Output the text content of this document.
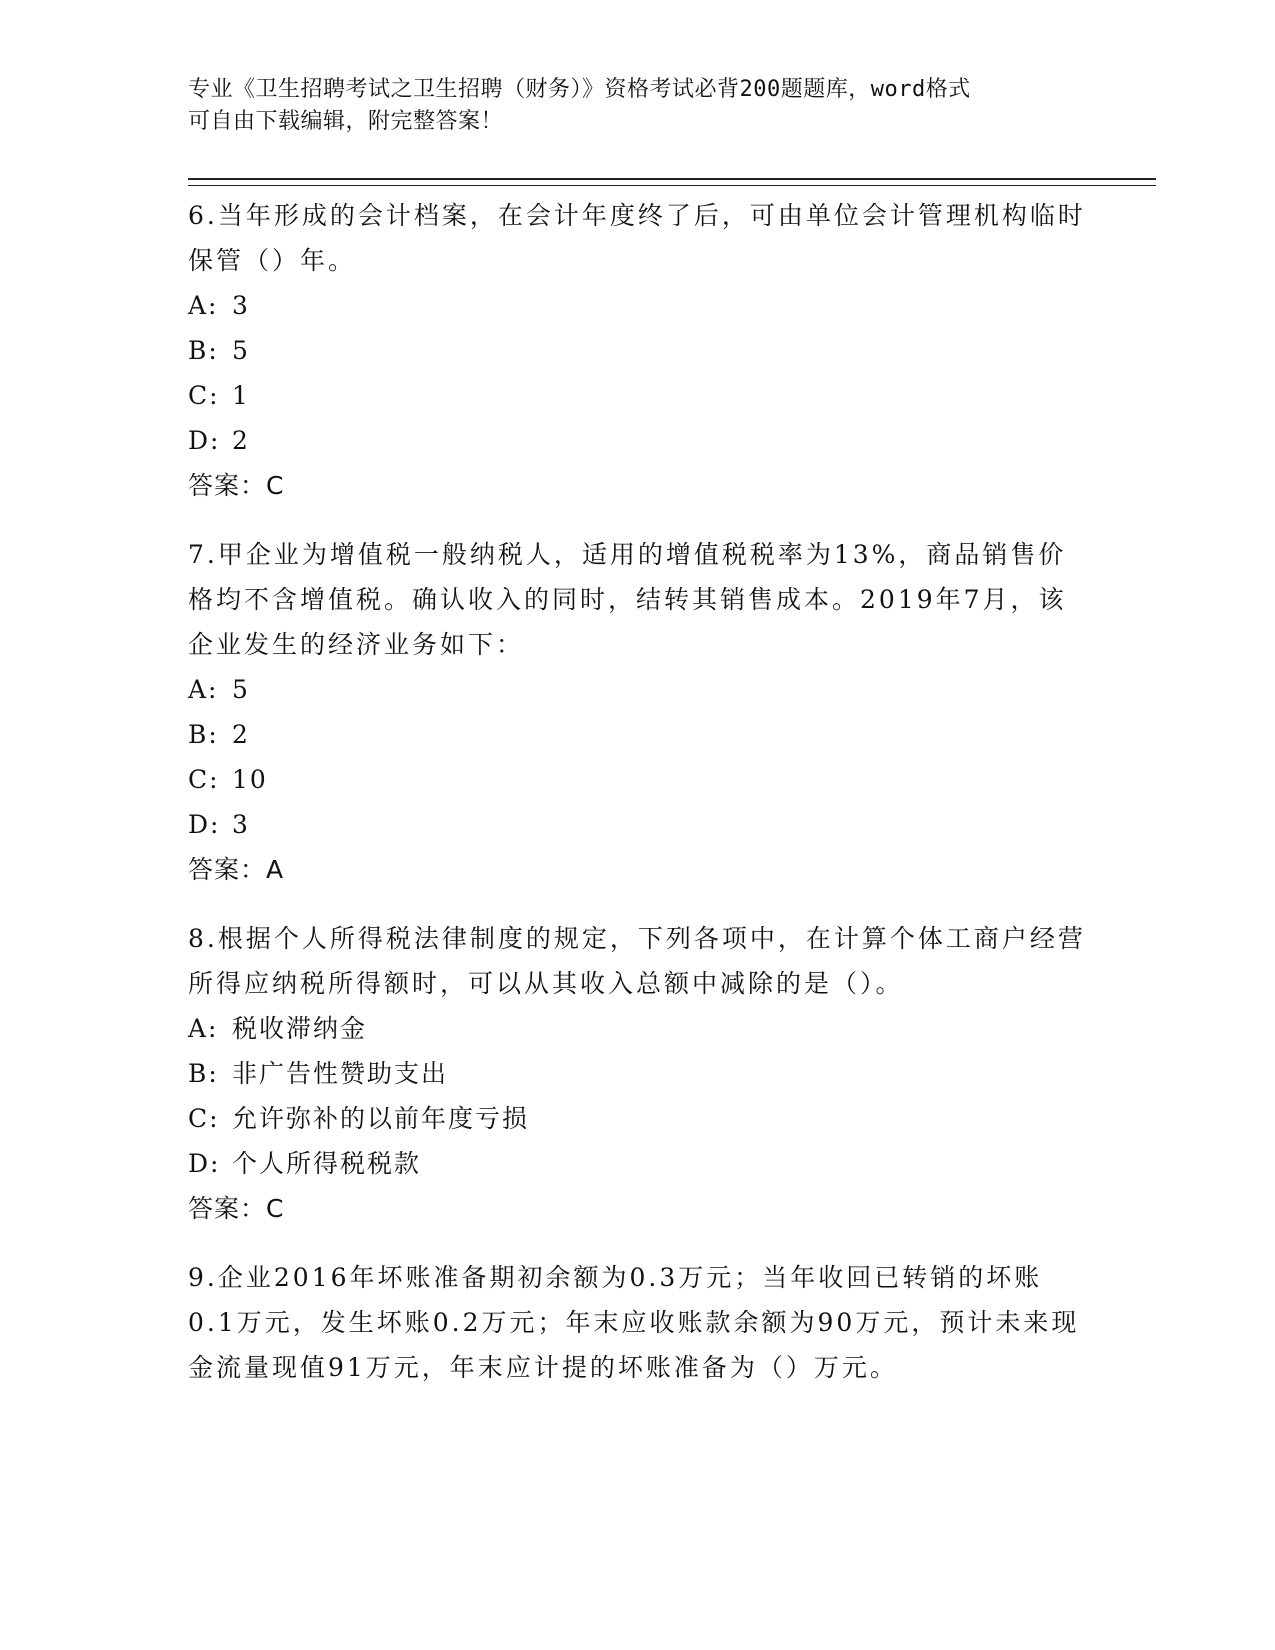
专业《卫生招聘考试之卫生招聘（财务）》资格考试必背200题题库，word格式
可自由下载编辑，附完整答案！

6.当年形成的会计档案，在会计年度终了后，可由单位会计管理机构临时保管（）年。

A: 3

B: 5

C: 1

D: 2

答案：C

7.甲企业为增值税一般纳税人，适用的增值税税率为13%，商品销售价格均不含增值税。确认收入的同时，结转其销售成本。2019年7月，该企业发生的经济业务如下：

A: 5

B: 2

C: 10

D: 3

答案：A

8.根据个人所得税法律制度的规定，下列各项中，在计算个体工商户经营所得应纳税所得额时，可以从其收入总额中减除的是（）。

A: 税收滞纳金

B: 非广告性赞助支出

C: 允许弥补的以前年度亏损

D: 个人所得税税款

答案：C

9.企业2016年坏账准备期初余额为0.3万元；当年收回已转销的坏账0.1万元，发生坏账0.2万元；年末应收账款余额为90万元，预计未来现金流量现值91万元，年末应计提的坏账准备为（）万元。
